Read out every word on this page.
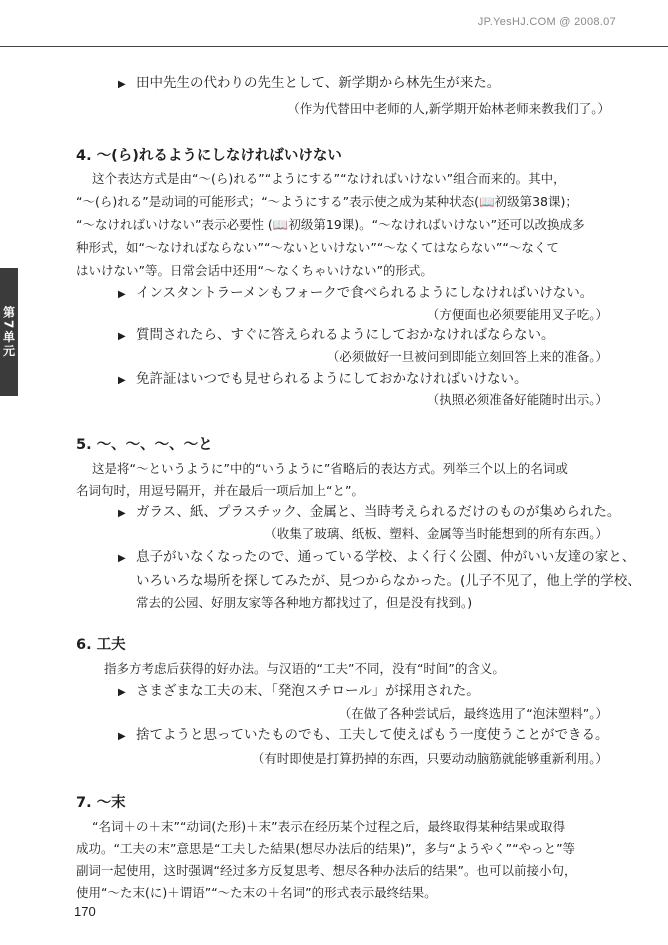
JP.YesHJ.COM @ 2008.07
第7单元
▶ 田中先生の代わりの先生として、新学期から林先生が来た。
（作为代替田中老师的人,新学期开始林老师来教我们了。）
4. ～(ら)れるようにしなければいけない
这个表达方式是由“～(ら)れる”“ようにする”“なければいけない”组合而来的。其中，
“～(ら)れる”是动词的可能形式；“～ようにする”表示使之成为某种状态(📖初级第38课)；
“～なければいけない”表示必要性 (📖初级第19课)。“～なければいけない”还可以改换成多
种形式，如“～なければならない”“～ないといけない”“～なくてはならない”“～なくて
はいけない”等。日常会话中还用“～なくちゃいけない”的形式。
▶ インスタントラーメンもフォークで食べられるようにしなければいけない。
（方便面也必须要能用叉子吃。）
▶ 質問されたら、すぐに答えられるようにしておかなければならない。
（必须做好一旦被问到即能立刻回答上来的准备。）
▶ 免許証はいつでも見せられるようにしておかなければいけない。
（执照必须准备好能随时出示。）
5. ～、～、～、～と
这是将“～というように”中的“いうように”省略后的表达方式。列举三个以上的名词或
名词句时，用逗号隔开，并在最后一项后加上“と”。
▶ ガラス、紙、プラスチック、金属と、当時考えられるだけのものが集められた。
（收集了玻璃、纸板、塑料、金属等当时能想到的所有东西。）
▶ 息子がいなくなったので、通っている学校、よく行く公園、仲がいい友達の家と、
いろいろな場所を探してみたが、見つからなかった。(儿子不见了，他上学的学校、
常去的公园、好朋友家等各种地方都找过了，但是没有找到。)
6. 工夫
指多方考虑后获得的好办法。与汉语的“工夫”不同，没有“时间”的含义。
▶ さまざまな工夫の末、「発泡スチロール」が採用された。
（在做了各种尝试后，最终选用了“泡沫塑料”。）
▶ 捨てようと思っていたものでも、工夫して使えばもう一度使うことができる。
（有时即使是打算扔掉的东西，只要动动脑筋就能够重新利用。）
7. ～末
“名词＋の＋末”“动词(た形)＋末”表示在经历某个过程之后，最终取得某种结果或取得
成功。“工夫の末”意思是“工夫した結果(想尽办法后的结果)”，多与“ようやく”“やっと”等
副词一起使用，这时强调“经过多方反复思考、想尽各种办法后的结果”。也可以前接小句，
使用“～た末(に)＋谓语”“～た末の＋名词”的形式表示最终结果。
170
